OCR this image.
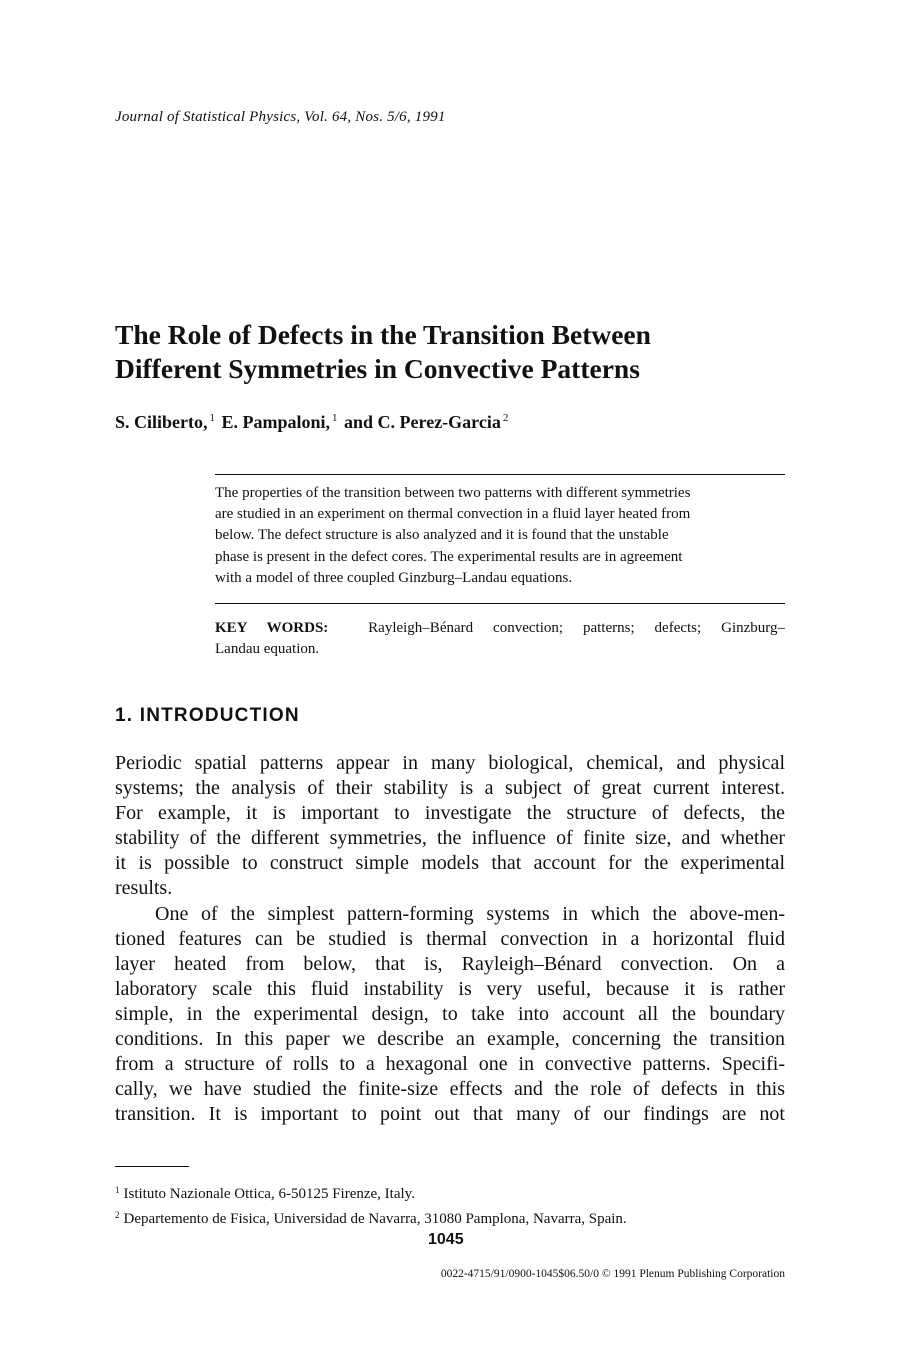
Journal of Statistical Physics, Vol. 64, Nos. 5/6, 1991
The Role of Defects in the Transition Between
Different Symmetries in Convective Patterns
S. Ciliberto, $^1$ E. Pampaloni, $^1$ and C. Perez-Garcia $^2$
The properties of the transition between two patterns with different symmetries
are studied in an experiment on thermal convection in a fluid layer heated from
below. The defect structure is also analyzed and it is found that the unstable
phase is present in the defect cores. The experimental results are in agreement
with a model of three coupled Ginzburg–Landau equations.
KEY WORDS:	Rayleigh–Bénard convection; patterns; defects; Ginzburg–
Landau equation.
1. INTRODUCTION
Periodic spatial patterns appear in many biological, chemical, and physical
systems; the analysis of their stability is a subject of great current interest.
For example, it is important to investigate the structure of defects, the
stability of the different symmetries, the influence of finite size, and whether
it is possible to construct simple models that account for the experimental
results.
One of the simplest pattern-forming systems in which the above-men-
tioned features can be studied is thermal convection in a horizontal fluid
layer heated from below, that is, Rayleigh–Bénard convection. On a
laboratory scale this fluid instability is very useful, because it is rather
simple, in the experimental design, to take into account all the boundary
conditions. In this paper we describe an example, concerning the transition
from a structure of rolls to a hexagonal one in convective patterns. Specifi-
cally, we have studied the finite-size effects and the role of defects in this
transition. It is important to point out that many of our findings are not
$^1$ Istituto Nazionale Ottica, 6-50125 Firenze, Italy.
$^2$ Departemento de Fisica, Universidad de Navarra, 31080 Pamplona, Navarra, Spain.
1045
0022-4715/91/0900-1045$06.50/0 © 1991 Plenum Publishing Corporation
